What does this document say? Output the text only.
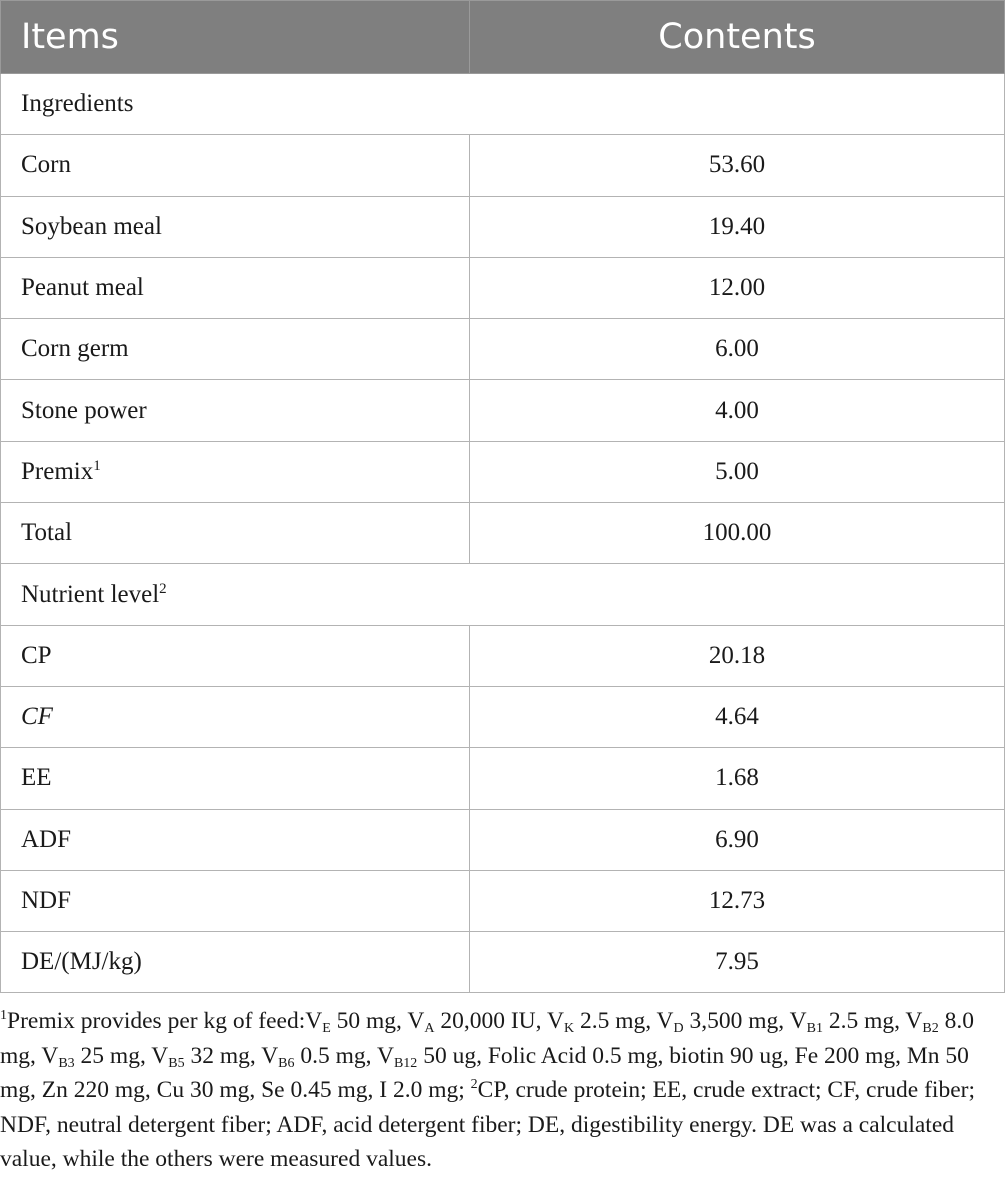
Items	Contents
Ingredients	
Corn	53.60
Soybean meal	19.40
Peanut meal	12.00
Corn germ	6.00
Stone power	4.00
Premix$^1$	5.00
Total	100.00
Nutrient level$^2$
CP	20.18
CF	4.64
EE	1.68
ADF	6.90
NDF	12.73
DE/(MJ/kg)	7.95
$^1$Premix provides per kg of $feed:V_E$ 50 mg, $V_A$ 20,000 IU, $V_K$ 2.5 mg, $V_D$ 3,500 mg, $V_{B1}$ 2.5 mg, $V_{B2}$ 8.0 mg, $V_{B3}$ 25 mg, $V_{B5}$ 32 mg, $V_{B6}$ 0.5 mg, $V_{B12}$ 50 ug, Folic Acid 0.5 mg, biotin 90 ug, Fe 200 mg, Mn 50 mg, Zn 220 mg, Cu 30 mg, Se 0.45 mg, I 2.0 mg; $^2$CP, crude protein; EE, crude extract; CF, crude fiber; NDF, neutral detergent fiber; ADF, acid detergent fiber; DE, digestibility energy. DE was a calculated value, while the others were measured values.
